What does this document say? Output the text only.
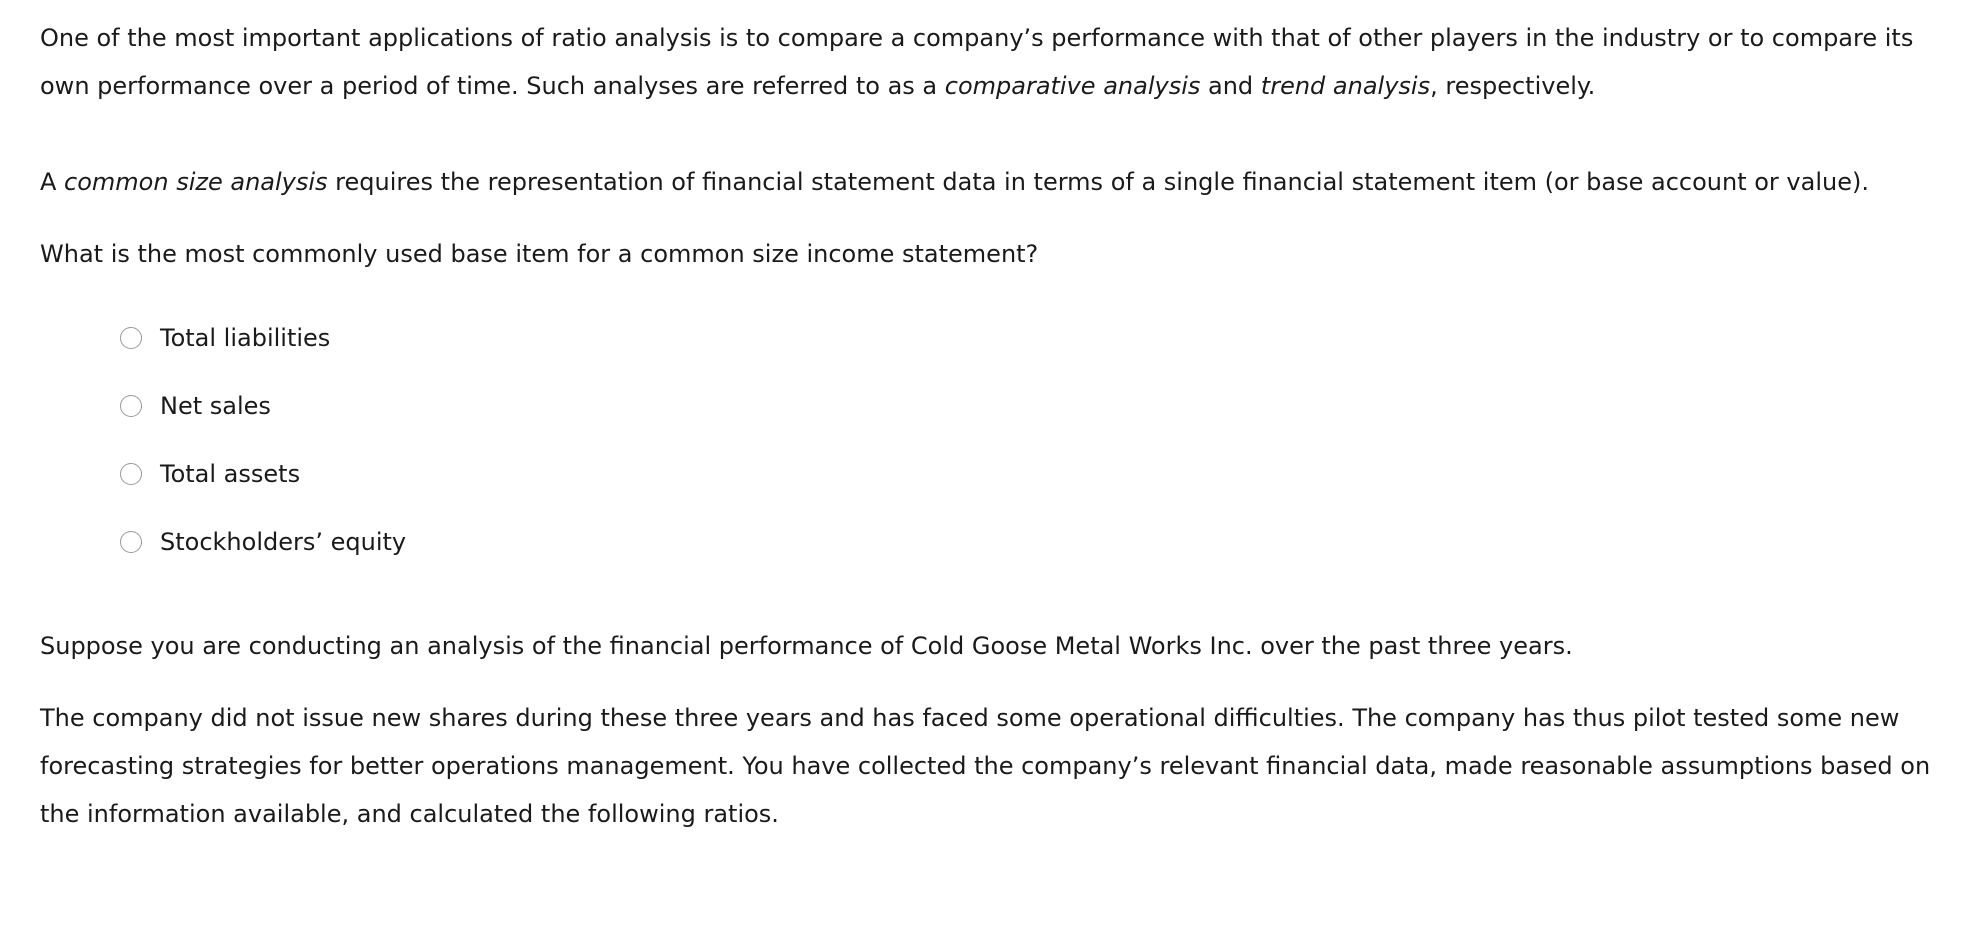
One of the most important applications of ratio analysis is to compare a company’s performance with that of other players in the industry or to compare its own performance over a period of time. Such analyses are referred to as a comparative analysis and trend analysis, respectively.

A common size analysis requires the representation of financial statement data in terms of a single financial statement item (or base account or value).

What is the most commonly used base item for a common size income statement?

Total liabilities
Net sales
Total assets
Stockholders’ equity

Suppose you are conducting an analysis of the financial performance of Cold Goose Metal Works Inc. over the past three years.

The company did not issue new shares during these three years and has faced some operational difficulties. The company has thus pilot tested some new forecasting strategies for better operations management. You have collected the company’s relevant financial data, made reasonable assumptions based on the information available, and calculated the following ratios.
